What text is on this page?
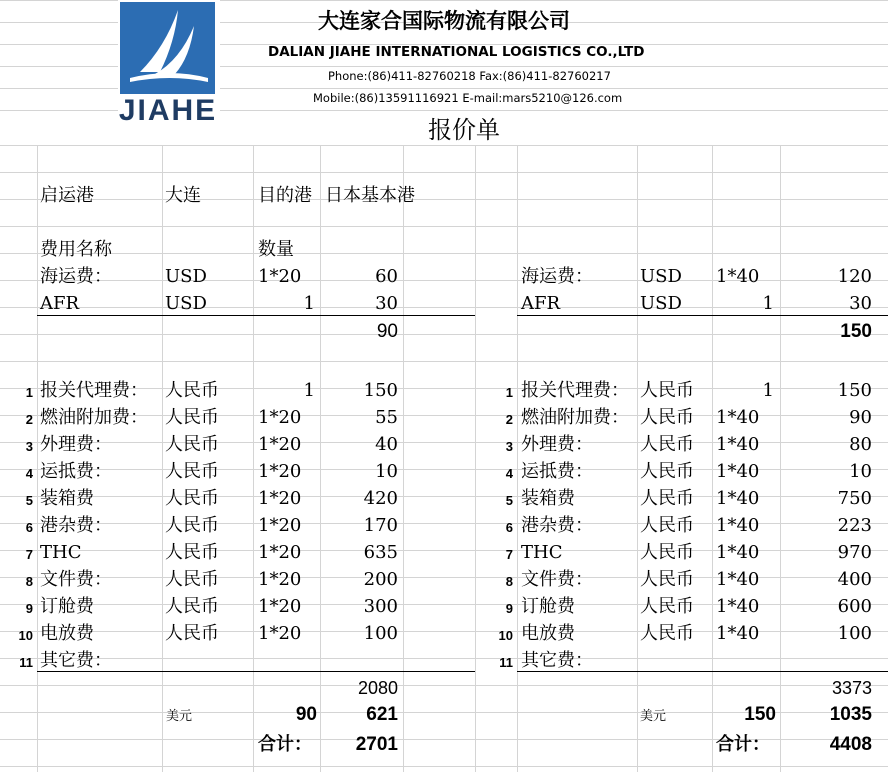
JIAHE
大连家合国际物流有限公司
DALIAN JIAHE INTERNATIONAL LOGISTICS CO.,LTD
Phone:(86)411-82760218 Fax:(86)411-82760217
Mobile:(86)13591116921 E-mail:mars5210@126.com
报价单
启运港	大连	目的港 日本基本港
费用名称	数量
海运费：	USD	1*20	60
AFR	USD	1	30
90
海运费：	USD 1*40	120
AFR	USD	1	30
150
1 报关代理费： 人民币	1	150
2 燃油附加费： 人民币 1*20	55
3 外理费：	人民币 1*20	40
4 运抵费：	人民币 1*20	10
5 装箱费	人民币 1*20	420
6 港杂费：	人民币 1*20	170
7 THC	人民币 1*20	635
8 文件费：	人民币 1*20	200
9 订舱费	人民币 1*20	300
10 电放费	人民币 1*20	100
11 其它费：
1 报关代理费： 人民币	1	150
2 燃油附加费： 人民币 1*40	90
3 外理费：	人民币 1*40	80
4 运抵费：	人民币 1*40	10
5 装箱费	人民币 1*40	750
6 港杂费：	人民币 1*40	223
7 THC	人民币 1*40	970
8 文件费：	人民币 1*40	400
9 订舱费	人民币 1*40	600
10 电放费	人民币 1*40	100
11 其它费：
2080
美元	90	621
合计：	2701
3373
美元	150	1035
合计：	4408
